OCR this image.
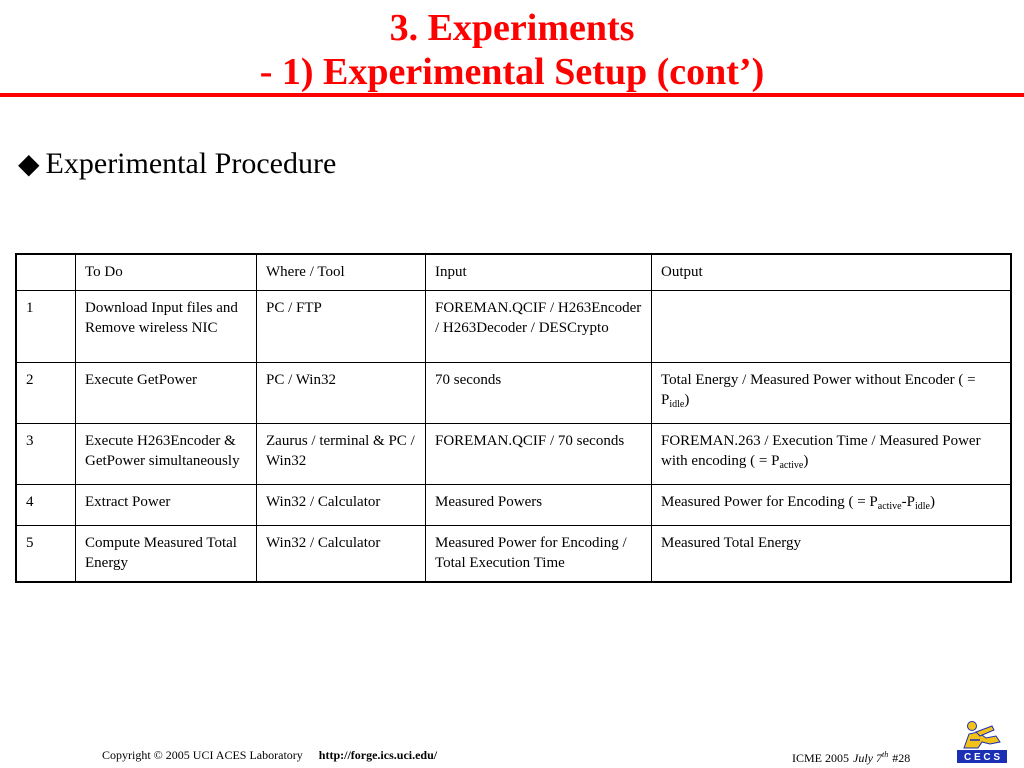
3. Experiments
- 1) Experimental Setup (cont’)
◆ Experimental Procedure
	To Do	Where / Tool	Input	Output
1	Download Input files and Remove wireless NIC	PC / FTP	FOREMAN.QCIF / H263Encoder / H263Decoder / DESCrypto	
2	Execute GetPower	PC / Win32	70 seconds	Total Energy / Measured Power without Encoder ( = $P_{idle}$)
3	Execute H263Encoder & GetPower simultaneously	Zaurus / terminal & PC / Win32	FOREMAN.QCIF / 70 seconds	FOREMAN.263 / Execution Time / Measured Power with encoding ( = $P_{active}$)
4	Extract Power	Win32 / Calculator	Measured Powers	Measured Power for Encoding ( = $P_{active}-P_{idle}$)
5	Compute Measured Total Energy	Win32 / Calculator	Measured Power for Encoding / Total Execution Time	Measured Total Energy
Copyright © 2005 UCI ACES Laboratory http://forge.ics.uci.edu/	ICME 2005 July 7th #28	C E C S
